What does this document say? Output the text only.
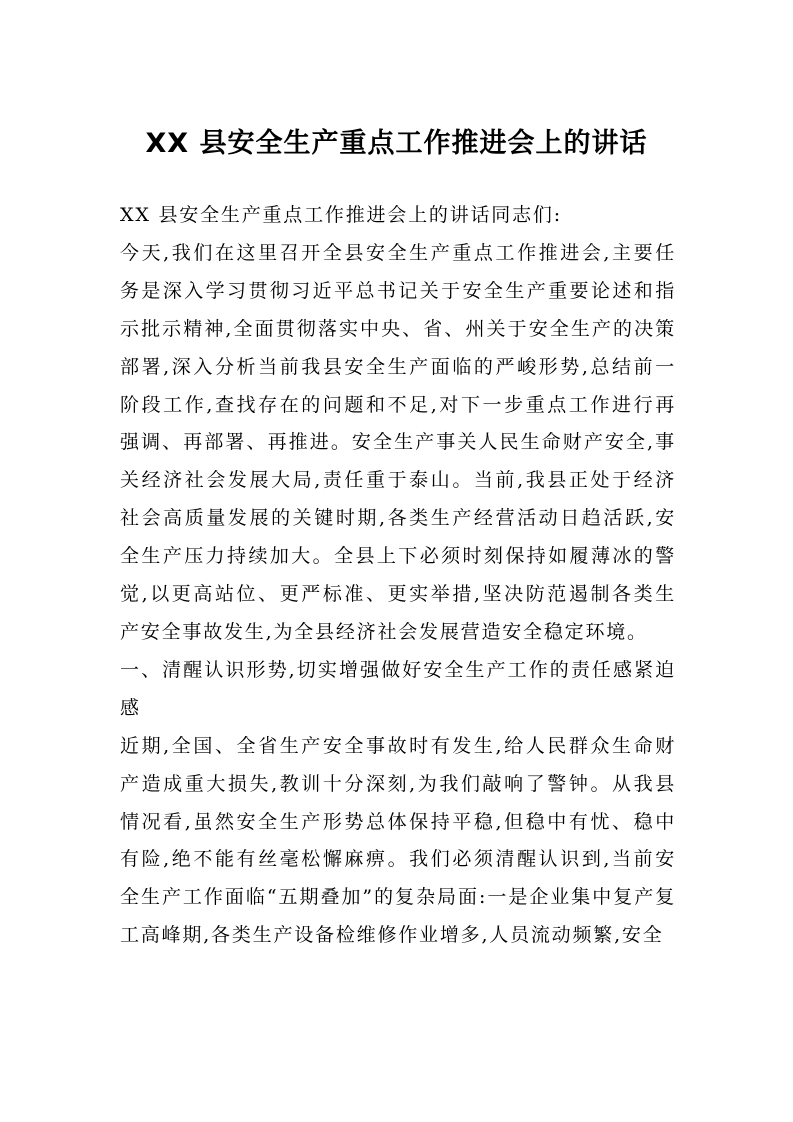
XX 县安全生产重点工作推进会上的讲话

XX 县安全生产重点工作推进会上的讲话同志们:

今天,我们在这里召开全县安全生产重点工作推进会,主要任务是深入学习贯彻习近平总书记关于安全生产重要论述和指示批示精神,全面贯彻落实中央、省、州关于安全生产的决策部署,深入分析当前我县安全生产面临的严峻形势,总结前一阶段工作,查找存在的问题和不足,对下一步重点工作进行再强调、再部署、再推进。安全生产事关人民生命财产安全,事关经济社会发展大局,责任重于泰山。当前,我县正处于经济社会高质量发展的关键时期,各类生产经营活动日趋活跃,安全生产压力持续加大。全县上下必须时刻保持如履薄冰的警觉,以更高站位、更严标准、更实举措,坚决防范遏制各类生产安全事故发生,为全县经济社会发展营造安全稳定环境。

一、清醒认识形势,切实增强做好安全生产工作的责任感紧迫感

近期,全国、全省生产安全事故时有发生,给人民群众生命财产造成重大损失,教训十分深刻,为我们敲响了警钟。从我县情况看,虽然安全生产形势总体保持平稳,但稳中有忧、稳中有险,绝不能有丝毫松懈麻痹。我们必须清醒认识到,当前安全生产工作面临“五期叠加”的复杂局面:一是企业集中复产复工高峰期,各类生产设备检维修作业增多,人员流动频繁,安全
